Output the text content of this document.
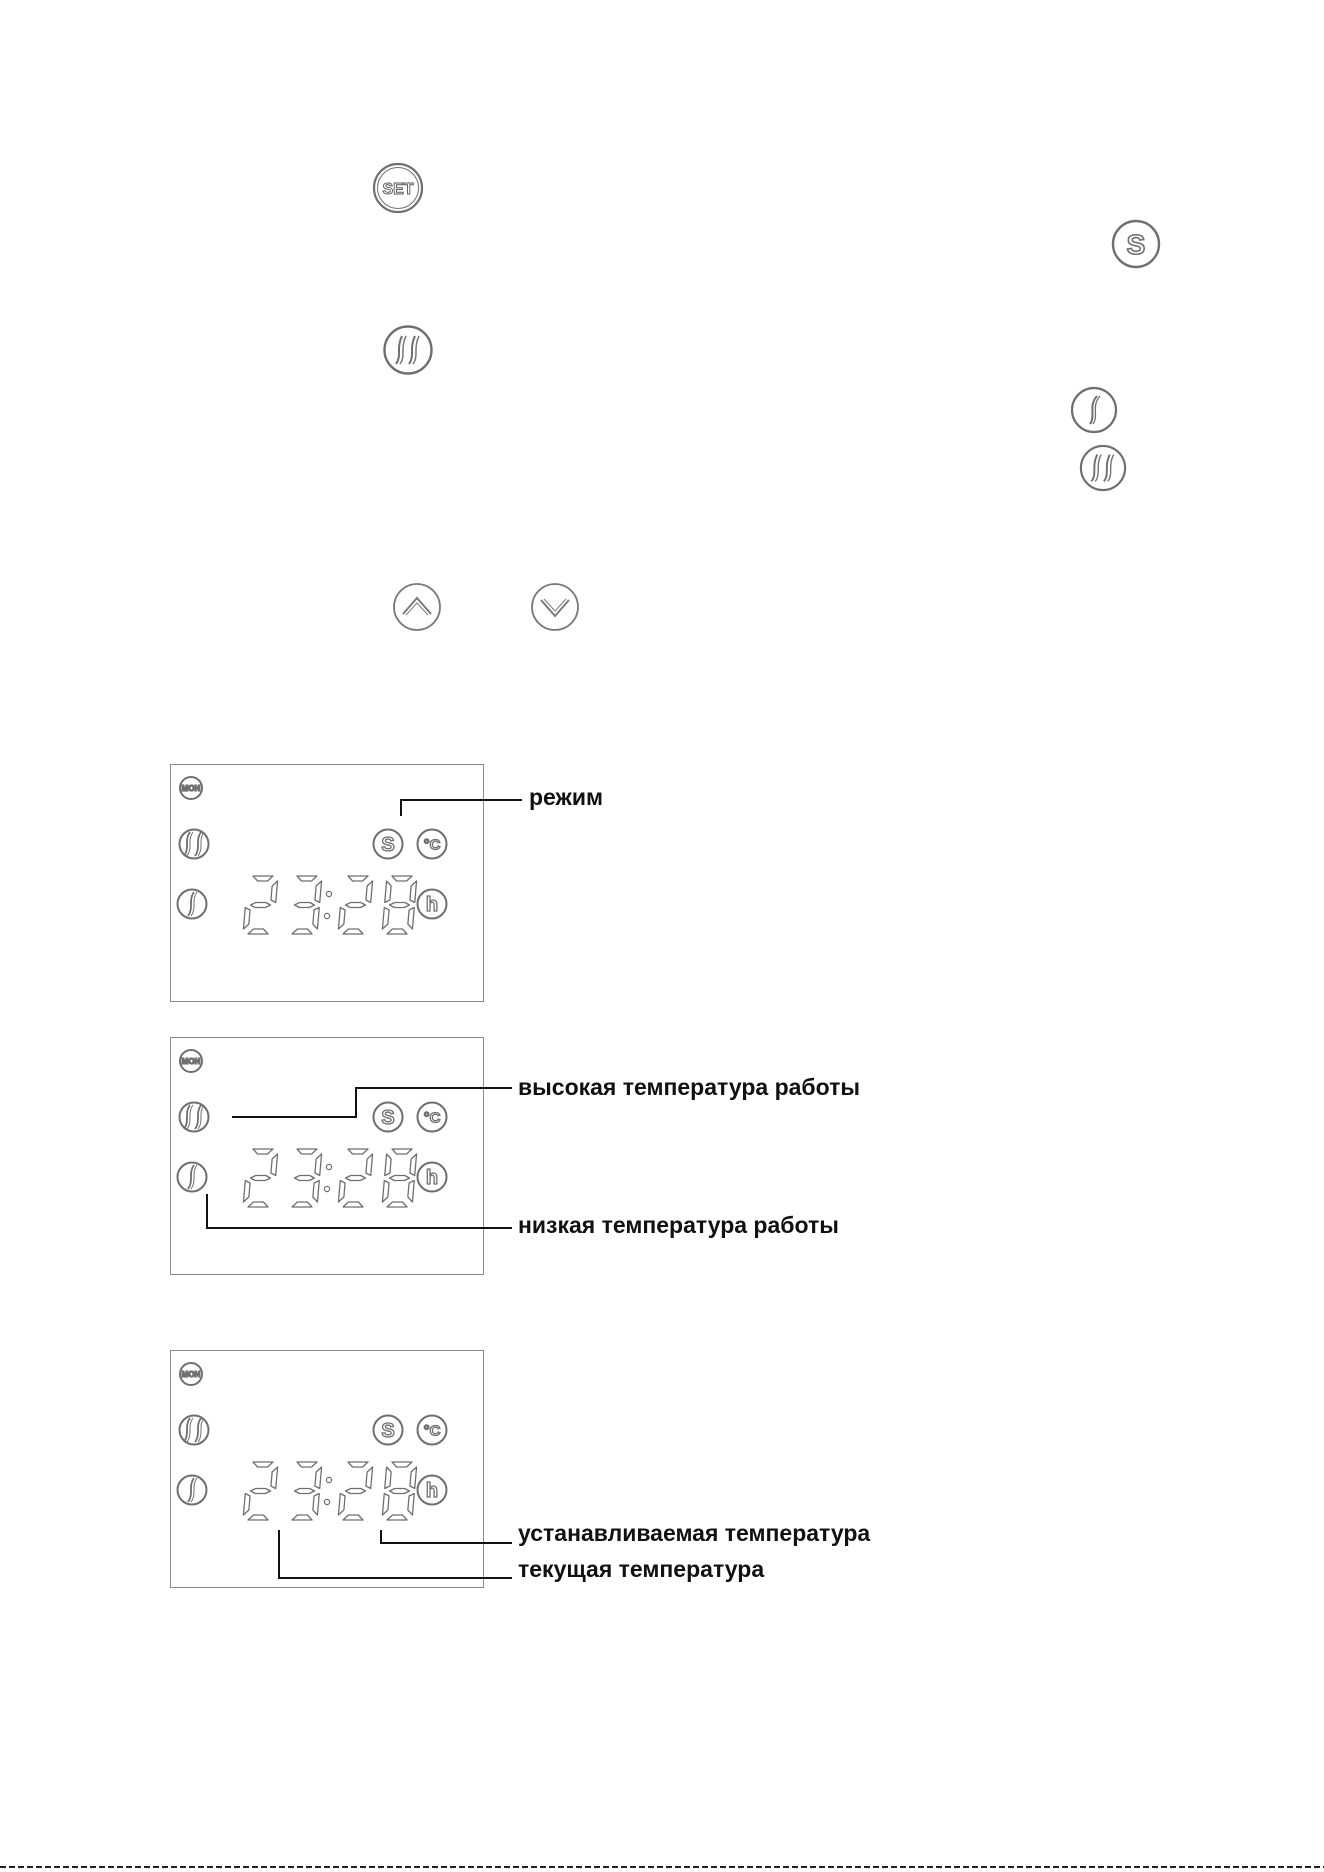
SET
S
MON
S °C
h
MON
S °C
h
MON
S °C
h
режим
высокая температура работы
низкая температура работы
устанавливаемая температура
текущая температура
